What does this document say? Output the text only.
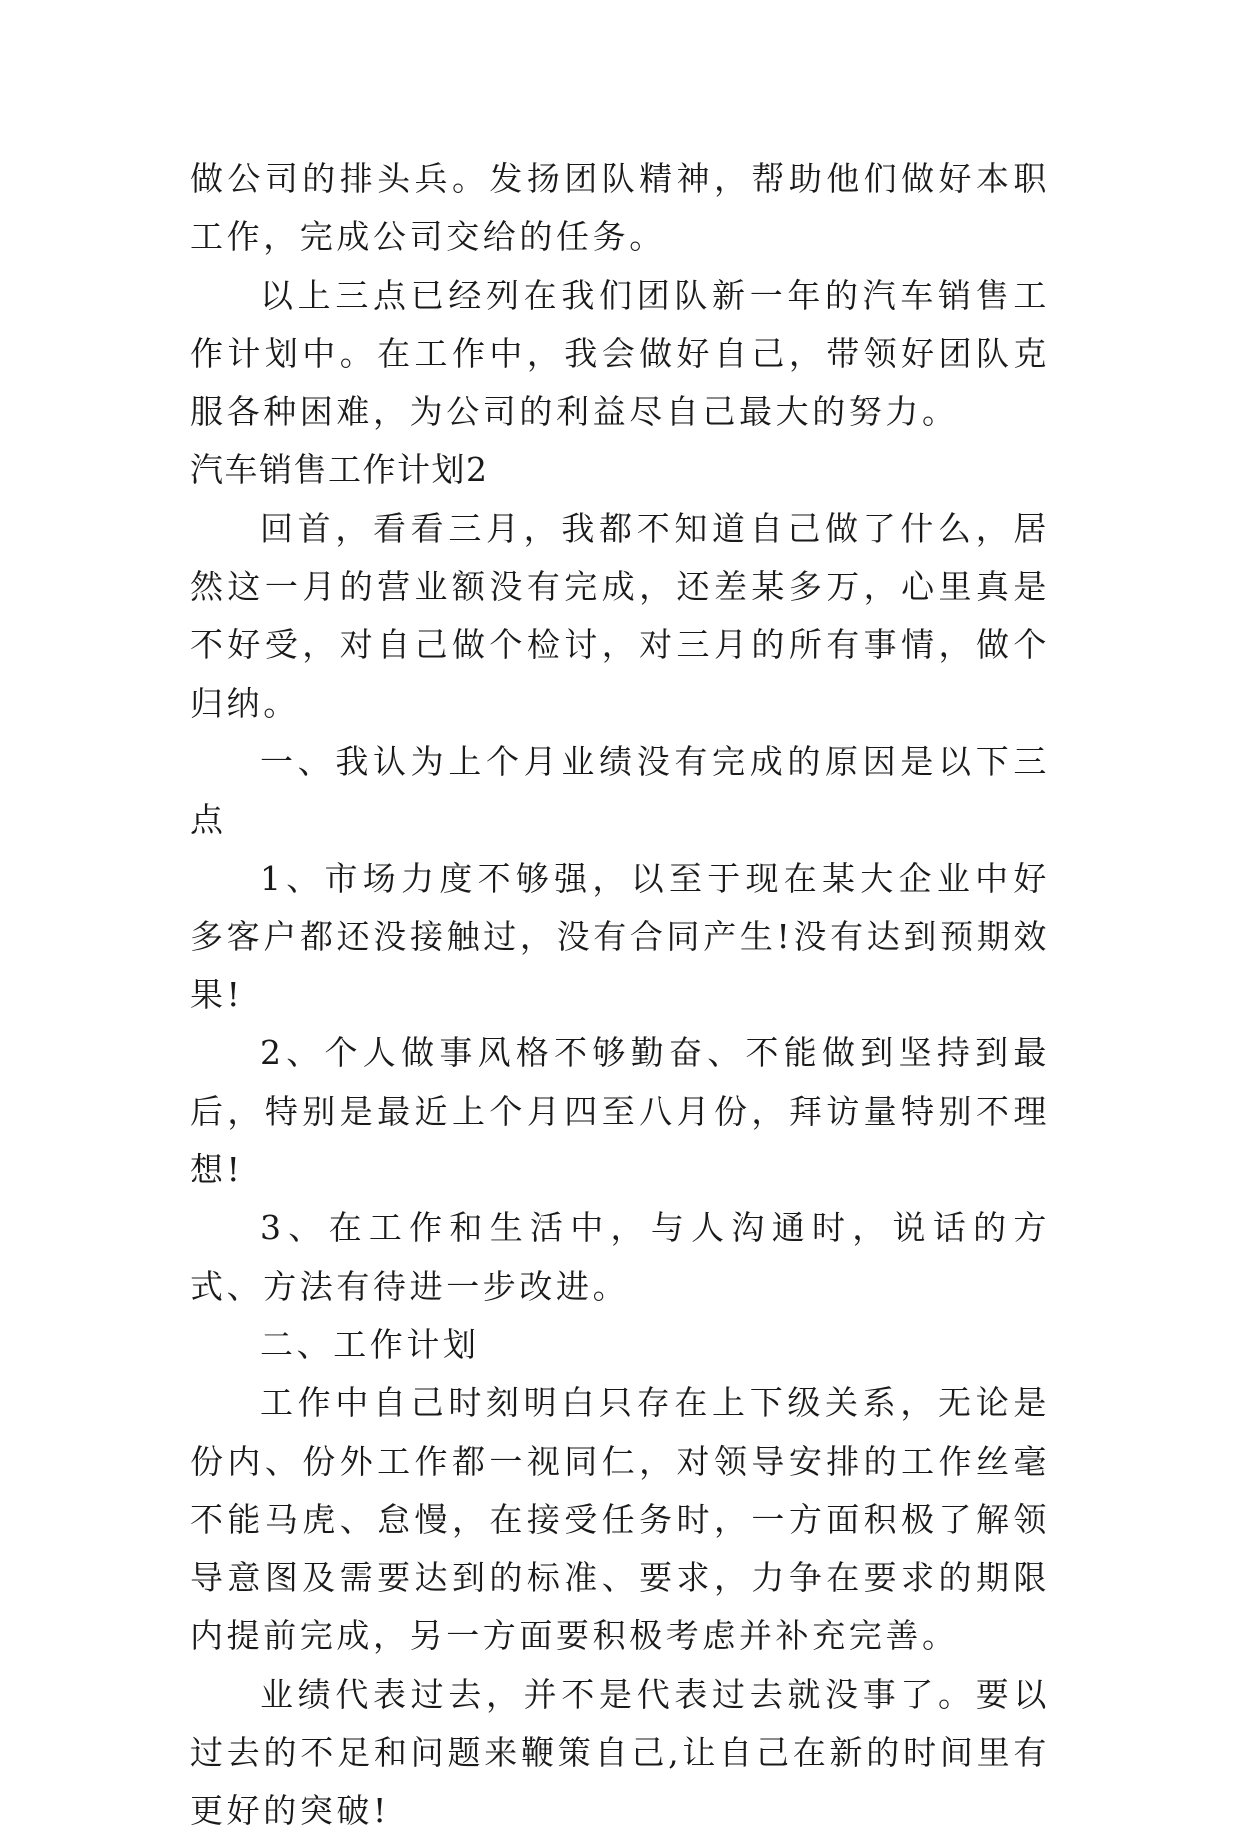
做公司的排头兵。发扬团队精神，帮助他们做好本职工作，完成公司交给的任务。

以上三点已经列在我们团队新一年的汽车销售工作计划中。在工作中，我会做好自己，带领好团队克服各种困难，为公司的利益尽自己最大的努力。

汽车销售工作计划2

回首，看看三月，我都不知道自己做了什么，居然这一月的营业额没有完成，还差某多万，心里真是不好受，对自己做个检讨，对三月的所有事情，做个归纳。

一、我认为上个月业绩没有完成的原因是以下三点

1、市场力度不够强，以至于现在某大企业中好多客户都还没接触过，没有合同产生!没有达到预期效果!

2、个人做事风格不够勤奋、不能做到坚持到最后，特别是最近上个月四至八月份，拜访量特别不理想!

3、在工作和生活中，与人沟通时，说话的方式、方法有待进一步改进。

二、工作计划

工作中自己时刻明白只存在上下级关系，无论是份内、份外工作都一视同仁，对领导安排的工作丝毫不能马虎、怠慢，在接受任务时，一方面积极了解领导意图及需要达到的标准、要求，力争在要求的期限内提前完成，另一方面要积极考虑并补充完善。

业绩代表过去，并不是代表过去就没事了。要以过去的不足和问题来鞭策自己,让自己在新的时间里有更好的突破!
